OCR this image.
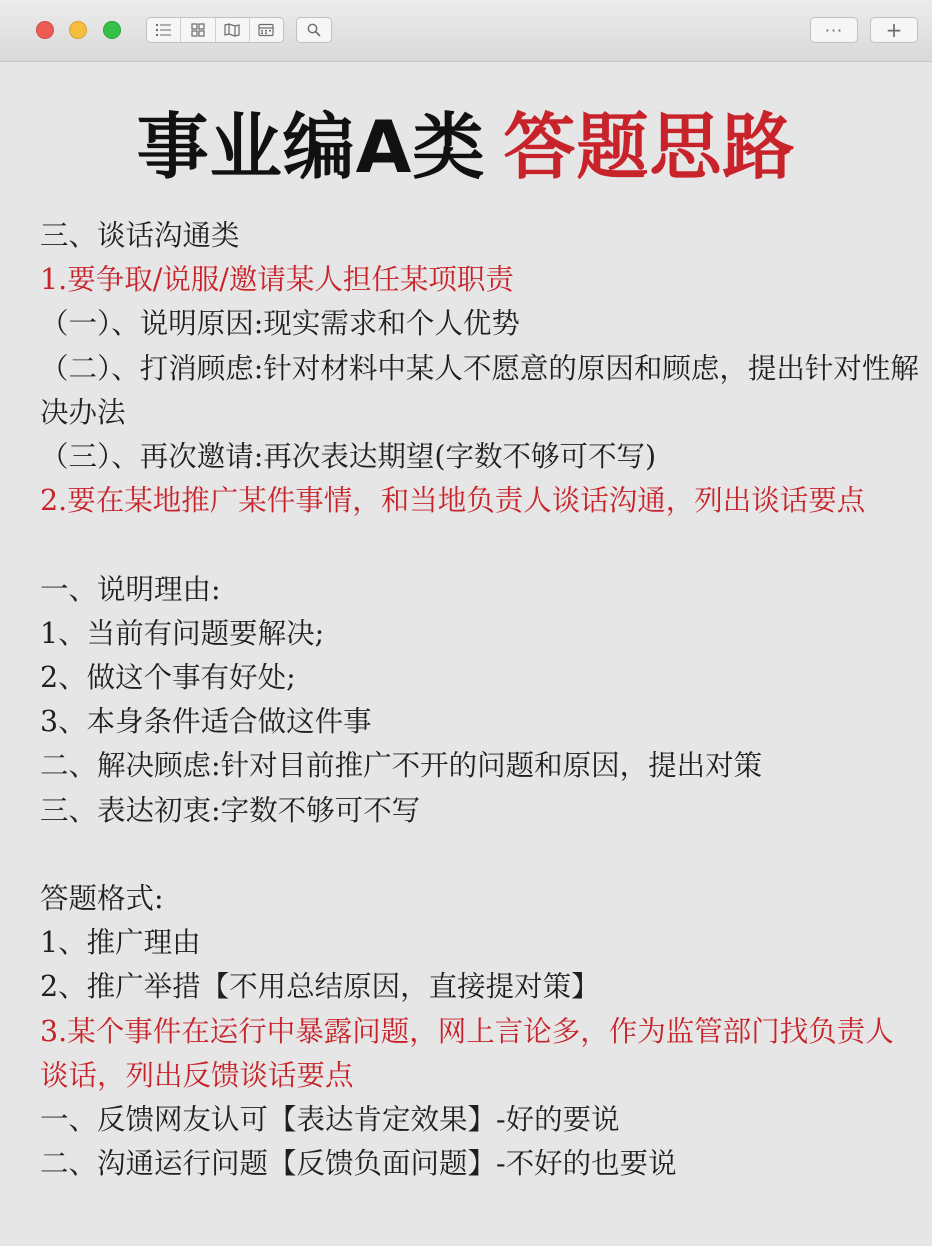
··· +
事业编A类 答题思路
三、谈话沟通类
1.要争取/说服/邀请某人担任某项职责
（一）、说明原因:现实需求和个人优势
（二）、打消顾虑:针对材料中某人不愿意的原因和顾虑，提出针对性解决办法
（三）、再次邀请:再次表达期望(字数不够可不写)
2.要在某地推广某件事情，和当地负责人谈话沟通，列出谈话要点
一、说明理由:
1、当前有问题要解决;
2、做这个事有好处;
3、本身条件适合做这件事
二、解决顾虑:针对目前推广不开的问题和原因，提出对策
三、表达初衷:字数不够可不写
答题格式:
1、推广理由
2、推广举措【不用总结原因，直接提对策】
3.某个事件在运行中暴露问题，网上言论多，作为监管部门找负责人谈话，列出反馈谈话要点
一、反馈网友认可【表达肯定效果】-好的要说
二、沟通运行问题【反馈负面问题】-不好的也要说
